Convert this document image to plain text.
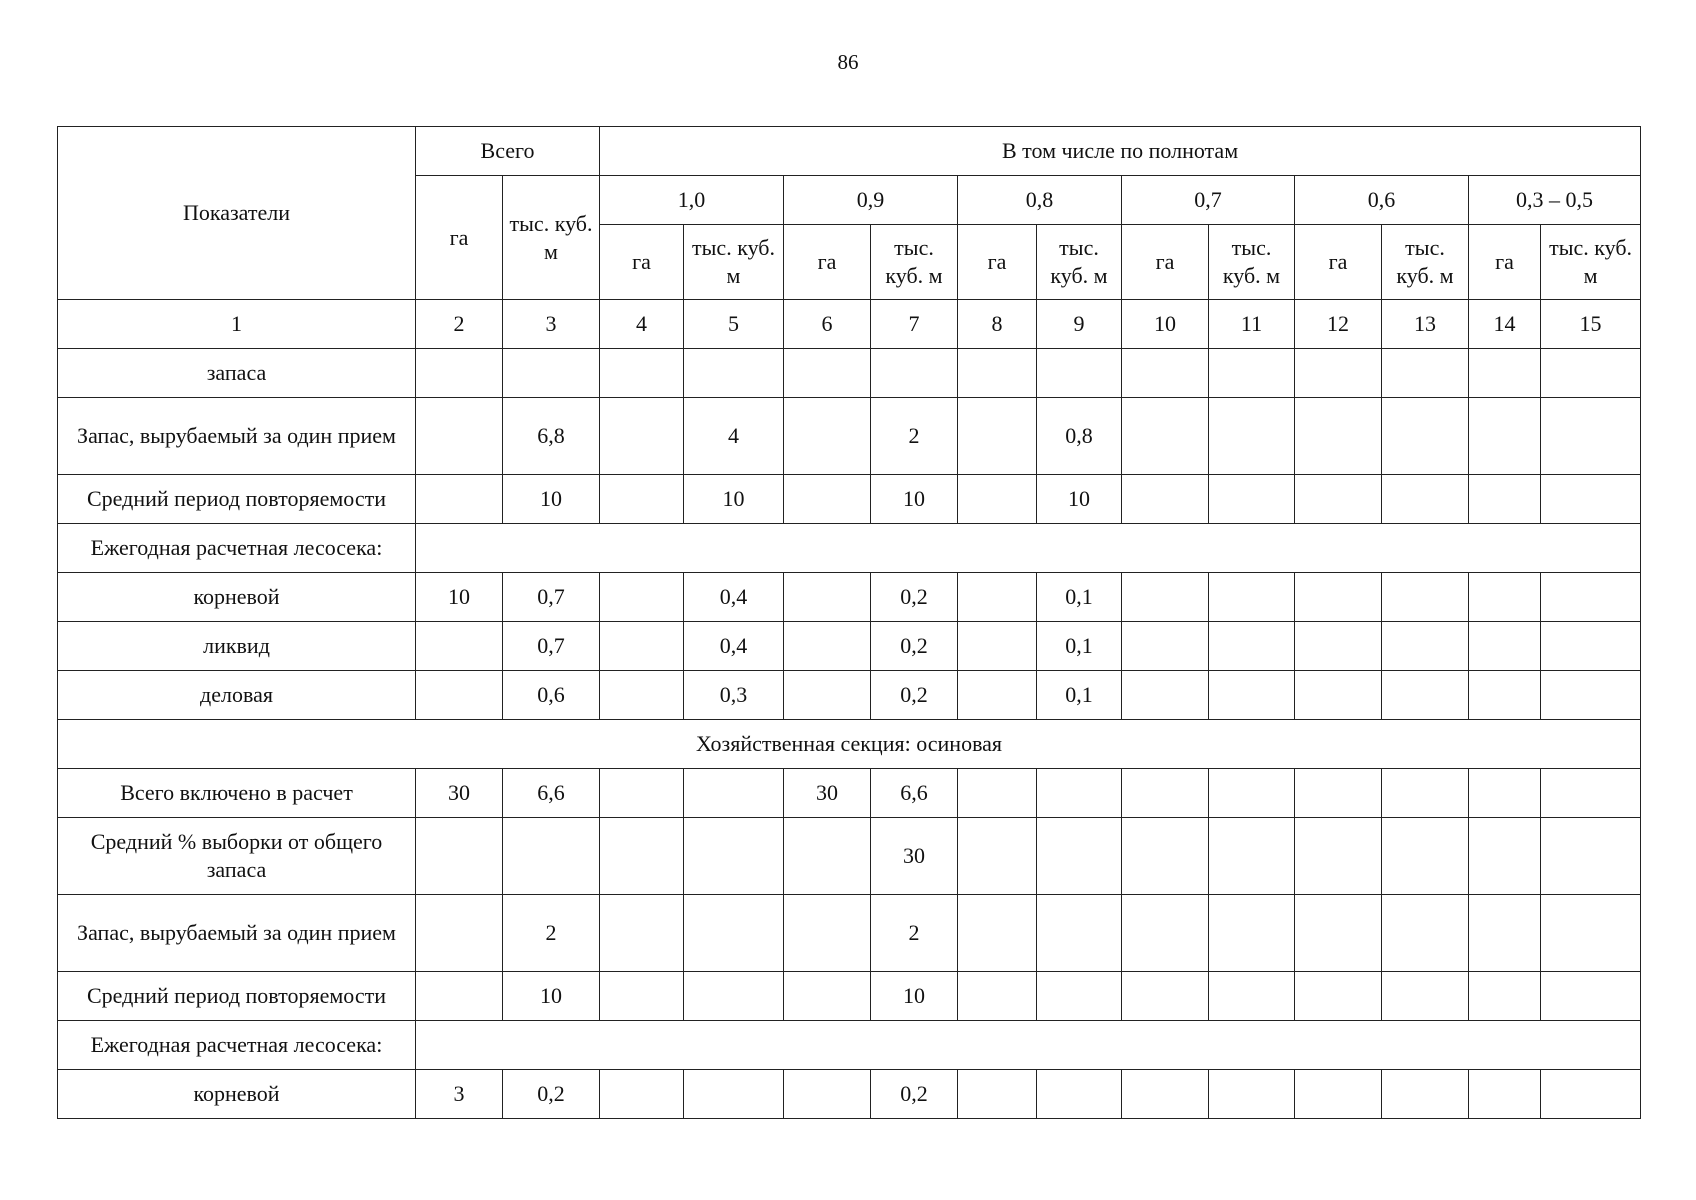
86
Показатели	Всего		В том числе по полнотам											
	га	тыс. куб. м	1,0		0,9		0,8		0,7		0,6		0,3 – 0,5	
			га	тыс. куб. м	га	тыс. куб. м	га	тыс. куб. м	га	тыс. куб. м	га	тыс. куб. м	га	тыс. куб. м
1	2	3	4	5	6	7	8	9	10	11	12	13	14	15
запаса														
Запас, вырубаемый за один прием		6,8		4		2		0,8						
Средний период повторяемости		10		10		10		10						
Ежегодная расчетная лесосека:														
корневой	10	0,7		0,4		0,2		0,1						
ликвид		0,7		0,4		0,2		0,1						
деловая		0,6		0,3		0,2		0,1						
Хозяйственная секция: осиновая														
Всего включено в расчет	30	6,6			30	6,6								
Средний % выборки от общего запаса						30								
Запас, вырубаемый за один прием		2				2								
Средний период повторяемости		10				10								
Ежегодная расчетная лесосека:														
корневой	3	0,2				0,2								
